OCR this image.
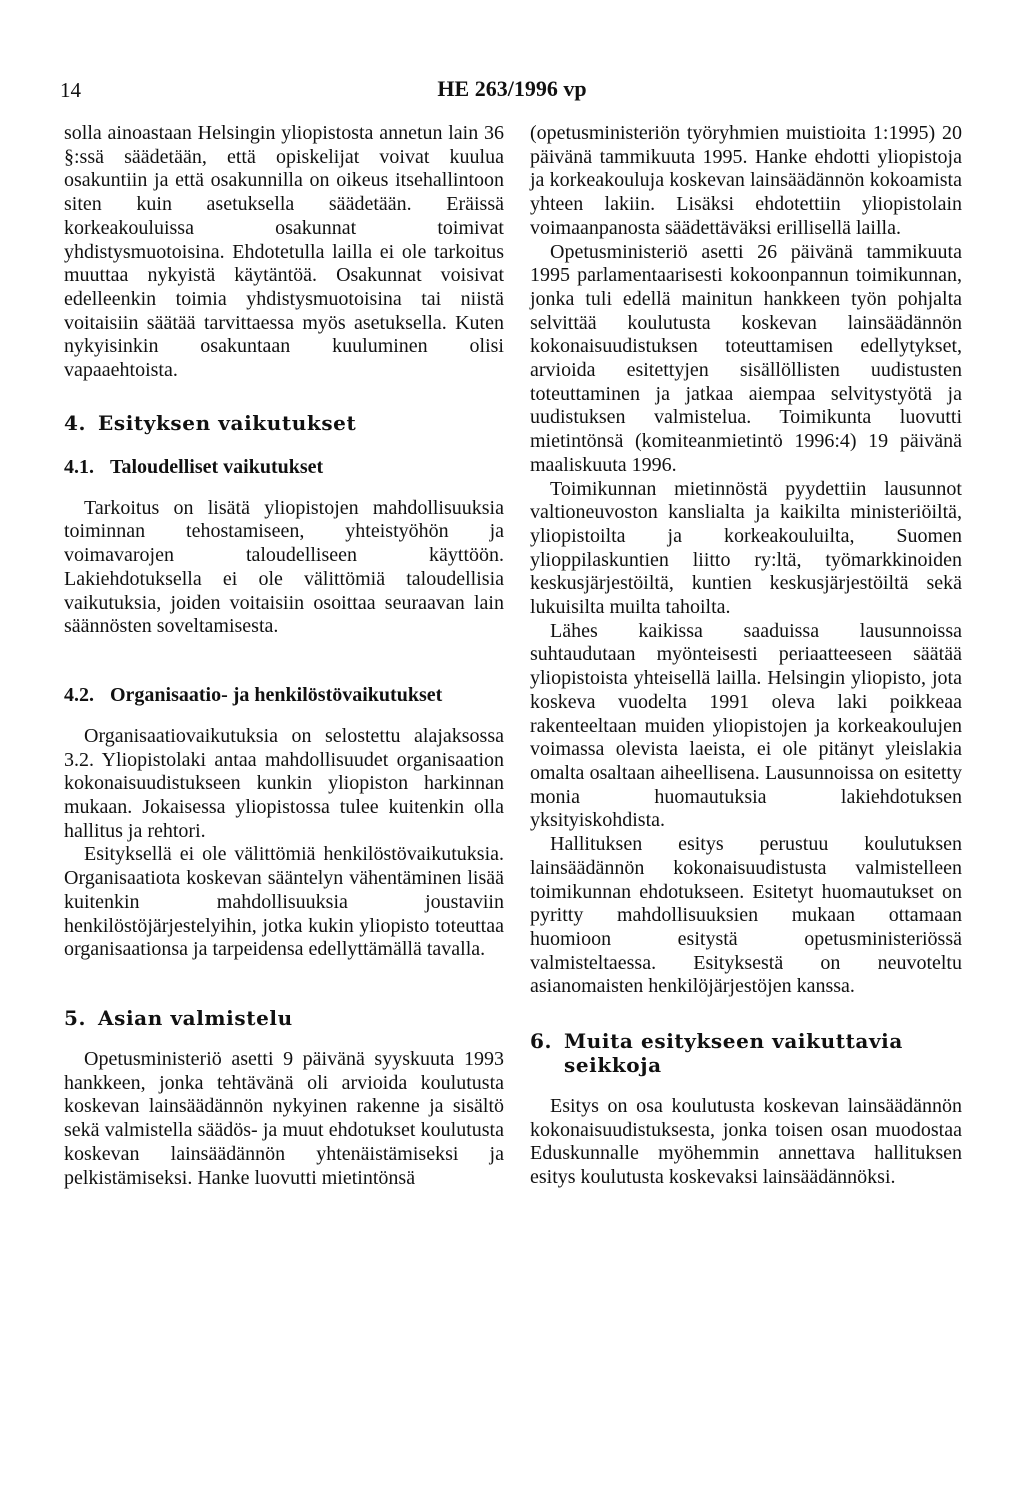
14	HE 263/1996 vp

solla ainoastaan Helsingin yliopistosta annetun lain 36 §:ssä säädetään, että opiskelijat voivat kuulua osakuntiin ja että osakunnilla on oikeus itsehallintoon siten kuin asetuksella säädetään. Eräissä korkeakouluissa osakunnat toimivat yhdistysmuotoisina. Ehdotetulla lailla ei ole tarkoitus muuttaa nykyistä käytäntöä. Osakunnat voisivat edelleenkin toimia yhdistysmuotoisina tai niistä voitaisiin säätää tarvittaessa myös asetuksella. Kuten nykyisinkin osakuntaan kuuluminen olisi vapaaehtoista.

4. Esityksen vaikutukset
4.1. Taloudelliset vaikutukset

Tarkoitus on lisätä yliopistojen mahdollisuuksia toiminnan tehostamiseen, yhteistyöhön ja voimavarojen taloudelliseen käyttöön. Lakiehdotuksella ei ole välittömiä taloudellisia vaikutuksia, joiden voitaisiin osoittaa seuraavan lain säännösten soveltamisesta.

4.2. Organisaatio- ja henkilöstövaikutukset

Organisaatiovaikutuksia on selostettu alajaksossa 3.2. Yliopistolaki antaa mahdollisuudet organisaation kokonaisuudistukseen kunkin yliopiston harkinnan mukaan. Jokaisessa yliopistossa tulee kuitenkin olla hallitus ja rehtori.

Esityksellä ei ole välittömiä henkilöstövaikutuksia. Organisaatiota koskevan sääntelyn vähentäminen lisää kuitenkin mahdollisuuksia joustaviin henkilöstöjärjestelyihin, jotka kukin yliopisto toteuttaa organisaationsa ja tarpeidensa edellyttämällä tavalla.

5. Asian valmistelu

Opetusministeriö asetti 9 päivänä syyskuuta 1993 hankkeen, jonka tehtävänä oli arvioida koulutusta koskevan lainsäädännön nykyinen rakenne ja sisältö sekä valmistella säädös- ja muut ehdotukset koulutusta koskevan lainsäädännön yhtenäistämiseksi ja pelkistämiseksi. Hanke luovutti mietintönsä

(opetusministeriön työryhmien muistioita 1:1995) 20 päivänä tammikuuta 1995. Hanke ehdotti yliopistoja ja korkeakouluja koskevan lainsäädännön kokoamista yhteen lakiin. Lisäksi ehdotettiin yliopistolain voimaanpanosta säädettäväksi erillisellä lailla.

Opetusministeriö asetti 26 päivänä tammikuuta 1995 parlamentaarisesti kokoonpannun toimikunnan, jonka tuli edellä mainitun hankkeen työn pohjalta selvittää koulutusta koskevan lainsäädännön kokonaisuudistuksen toteuttamisen edellytykset, arvioida esitettyjen sisällöllisten uudistusten toteuttaminen ja jatkaa aiempaa selvitystyötä ja uudistuksen valmistelua. Toimikunta luovutti mietintönsä (komiteanmietintö 1996:4) 19 päivänä maaliskuuta 1996.

Toimikunnan mietinnöstä pyydettiin lausunnot valtioneuvoston kanslialta ja kaikilta ministeriöiltä, yliopistoilta ja korkeakouluilta, Suomen ylioppilaskuntien liitto ry:ltä, työmarkkinoiden keskusjärjestöiltä, kuntien keskusjärjestöiltä sekä lukuisilta muilta tahoilta.

Lähes kaikissa saaduissa lausunnoissa suhtaudutaan myönteisesti periaatteeseen säätää yliopistoista yhteisellä lailla. Helsingin yliopisto, jota koskeva vuodelta 1991 oleva laki poikkeaa rakenteeltaan muiden yliopistojen ja korkeakoulujen voimassa olevista laeista, ei ole pitänyt yleislakia omalta osaltaan aiheellisena. Lausunnoissa on esitetty monia huomautuksia lakiehdotuksen yksityiskohdista.

Hallituksen esitys perustuu koulutuksen lainsäädännön kokonaisuudistusta valmistelleen toimikunnan ehdotukseen. Esitetyt huomautukset on pyritty mahdollisuuksien mukaan ottamaan huomioon esitystä opetusministeriössä valmisteltaessa. Esityksestä on neuvoteltu asianomaisten henkilöjärjestöjen kanssa.

6. Muita esitykseen vaikuttavia seikkoja

Esitys on osa koulutusta koskevan lainsäädännön kokonaisuudistuksesta, jonka toisen osan muodostaa Eduskunnalle myöhemmin annettava hallituksen esitys koulutusta koskevaksi lainsäädännöksi.
